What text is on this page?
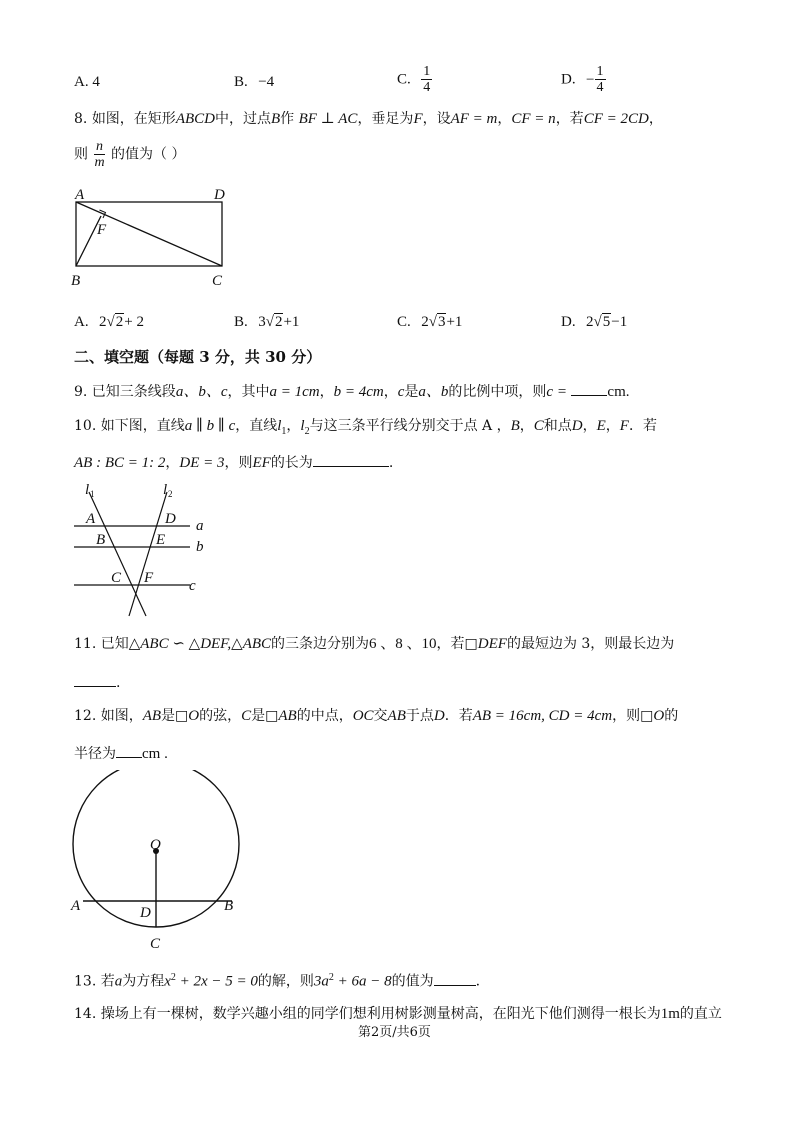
A. 4	B. −4	C. $\frac{1}{4}$	D. − $\frac{1}{4}$
8. 如图，在矩形ABCD中，过点B作 BF ⊥ AC，垂足为F，设AF = m，CF = n，若CF = 2CD，
则 $\frac{n}{m}$ 的值为（ ）
A	D
F
B	C
A. 2√2+ 2	B. 3√2+1	C. 2√3+1	D. 2√5−1
二、填空题（每题 3 分，共 30 分）
9. 已知三条线段a、b、c，其中a = 1cm，b = 4cm，c是a、b的比例中项，则c =	cm.
10. 如下图，直线a ∥ b ∥ c，直线$l_1$，$l_2$与这三条平行线分别交于点 A ，B，C和点D，E，F．若
AB : BC = 1: 2，DE = 3，则EF的长为	.
l 1	l 2
A	D a
B	E b
C F c
11. 已知△ABC ∽ △DEF,△ABC的三条边分别为6 、8 、10，若□DEF的最短边为 3，则最长边为
.
12. 如图，AB是□O的弦，C是□AB的中点，OC交AB于点D．若AB = 16cm, CD = 4cm，则□O的
半径为 cm .
O
A	D	B
C
13. 若a为方程$x^2 + 2x - 5 = 0$的解，则$3a^2 + 6a - 8$的值为	.
14. 操场上有一棵树，数学兴趣小组的同学们想利用树影测量树高，在阳光下他们测得一根长为1m的直立
第2页/共6页
